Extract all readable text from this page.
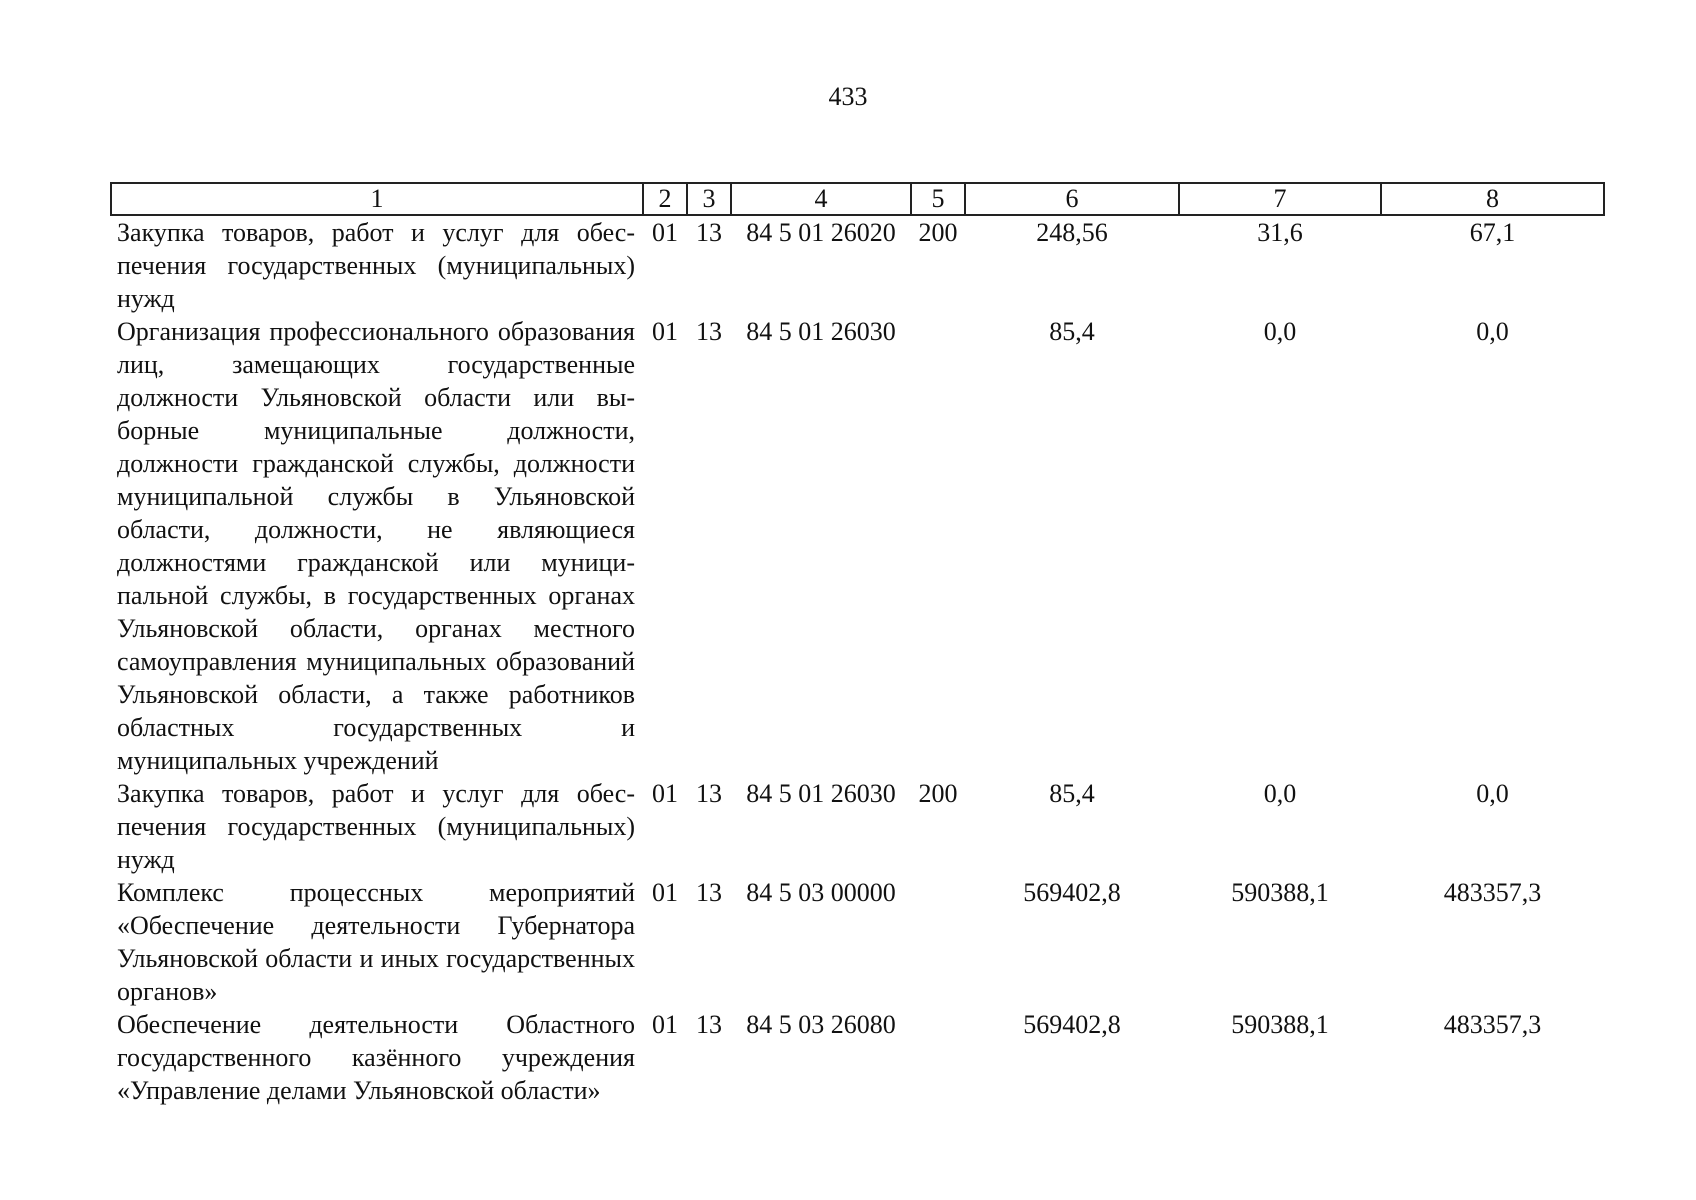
433
1	2	3	4	5	6	7	8
Закупка товаров, работ и услуг для обеспечения государственных (муниципальных) нужд	01	13	84 5 01 26020	200	248,56	31,6	67,1
Организация профессионального образования лиц, замещающих государственные должности Ульяновской области или выборные муниципальные должности, должности гражданской службы, должности муниципальной службы в Ульяновской области, должности, не являющиеся должностями гражданской или муниципальной службы, в государственных органах Ульяновской области, органах местного самоуправления муниципальных образований Ульяновской области, а также работников областных государственных и муниципальных учреждений	01	13	84 5 01 26030		85,4	0,0	0,0
Закупка товаров, работ и услуг для обеспечения государственных (муниципальных) нужд	01	13	84 5 01 26030	200	85,4	0,0	0,0
Комплекс процессных мероприятий «Обеспечение деятельности Губернатора Ульяновской области и иных государственных органов»	01	13	84 5 03 00000		569402,8	590388,1	483357,3
Обеспечение деятельности Областного государственного казённого учреждения «Управление делами Ульяновской области»	01	13	84 5 03 26080		569402,8	590388,1	483357,3
